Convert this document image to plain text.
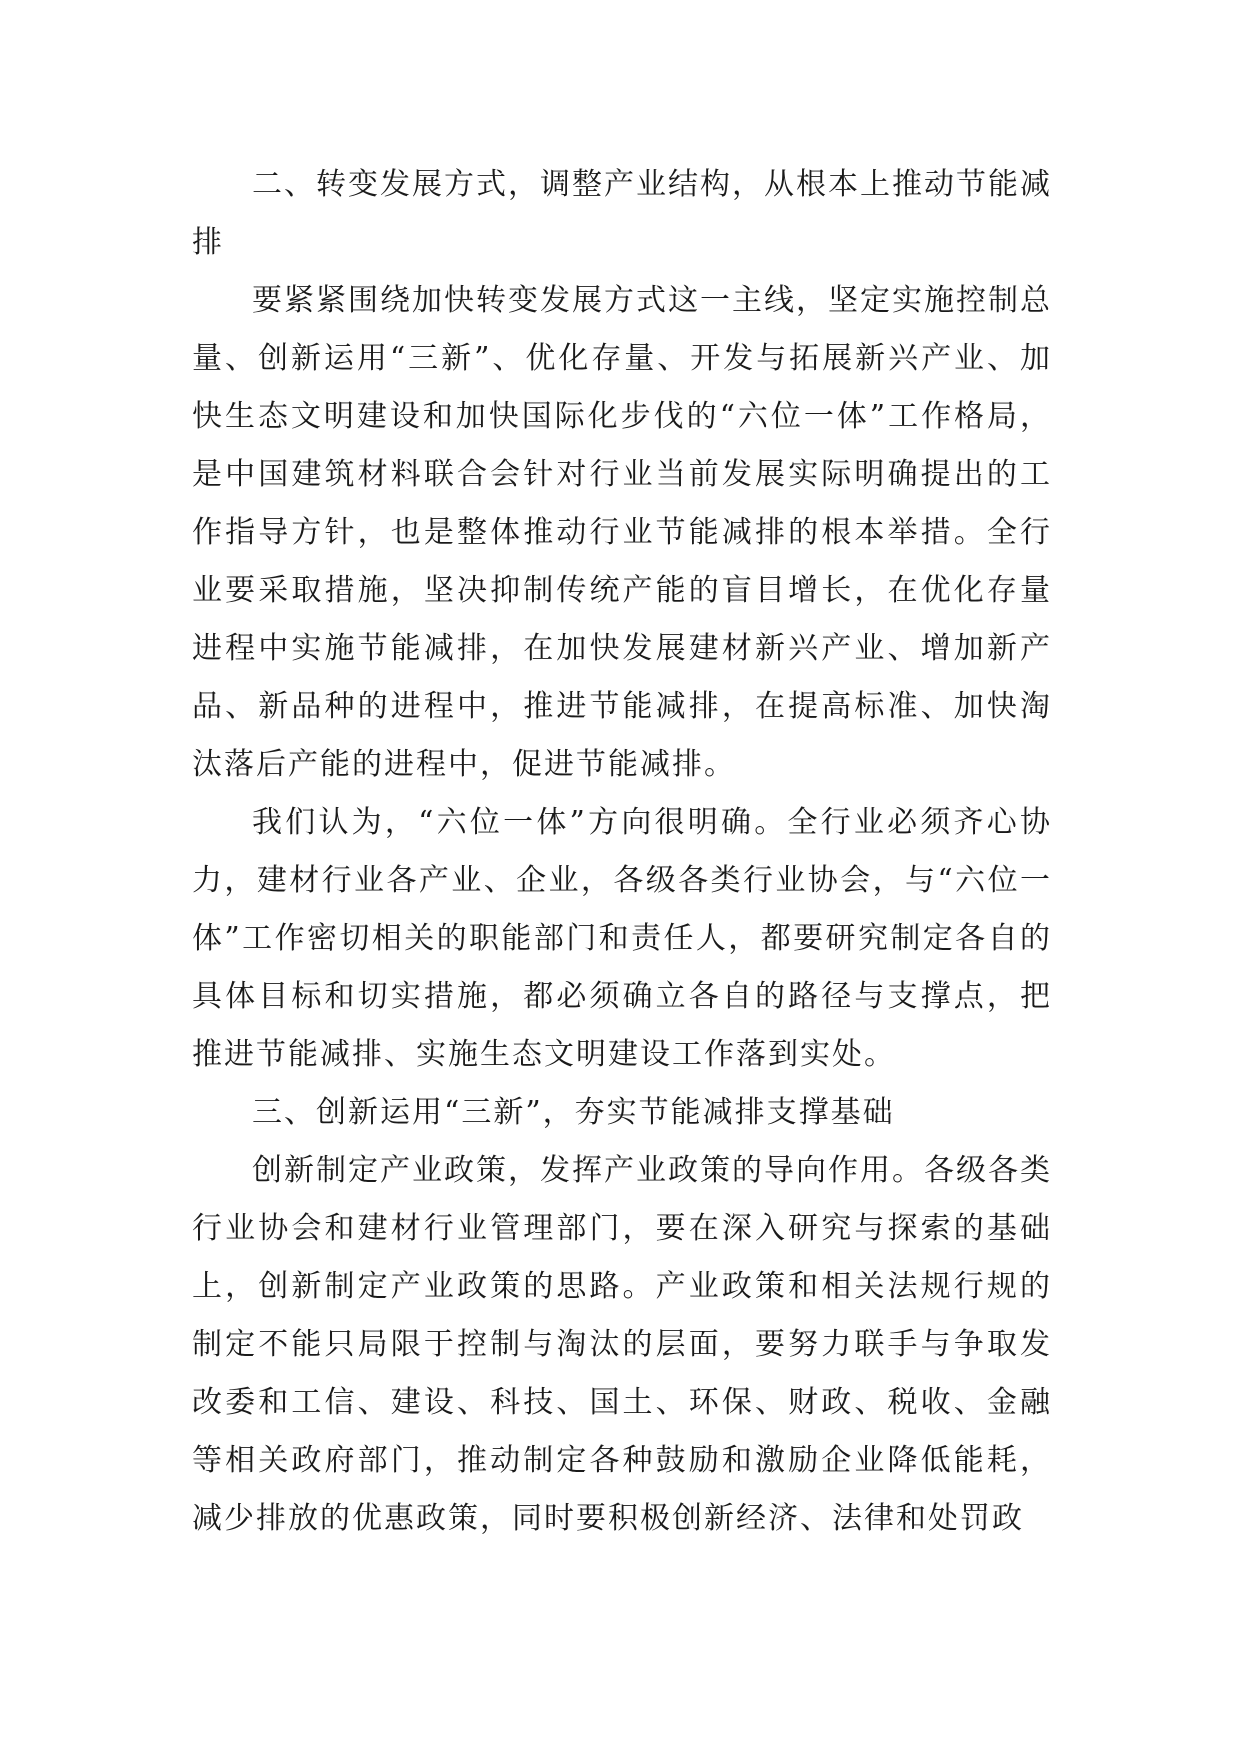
二、转变发展方式，调整产业结构，从根本上推动节能减排

要紧紧围绕加快转变发展方式这一主线，坚定实施控制总量、创新运用“三新”、优化存量、开发与拓展新兴产业、加快生态文明建设和加快国际化步伐的“六位一体”工作格局，是中国建筑材料联合会针对行业当前发展实际明确提出的工作指导方针，也是整体推动行业节能减排的根本举措。全行业要采取措施，坚决抑制传统产能的盲目增长，在优化存量进程中实施节能减排，在加快发展建材新兴产业、增加新产品、新品种的进程中，推进节能减排，在提高标准、加快淘汰落后产能的进程中，促进节能减排。

我们认为，“六位一体”方向很明确。全行业必须齐心协力，建材行业各产业、企业，各级各类行业协会，与“六位一体”工作密切相关的职能部门和责任人，都要研究制定各自的具体目标和切实措施，都必须确立各自的路径与支撑点，把推进节能减排、实施生态文明建设工作落到实处。

三、创新运用“三新”，夯实节能减排支撑基础

创新制定产业政策，发挥产业政策的导向作用。各级各类行业协会和建材行业管理部门，要在深入研究与探索的基础上，创新制定产业政策的思路。产业政策和相关法规行规的制定不能只局限于控制与淘汰的层面，要努力联手与争取发改委和工信、建设、科技、国土、环保、财政、税收、金融等相关政府部门，推动制定各种鼓励和激励企业降低能耗，减少排放的优惠政策，同时要积极创新经济、法律和处罚政
